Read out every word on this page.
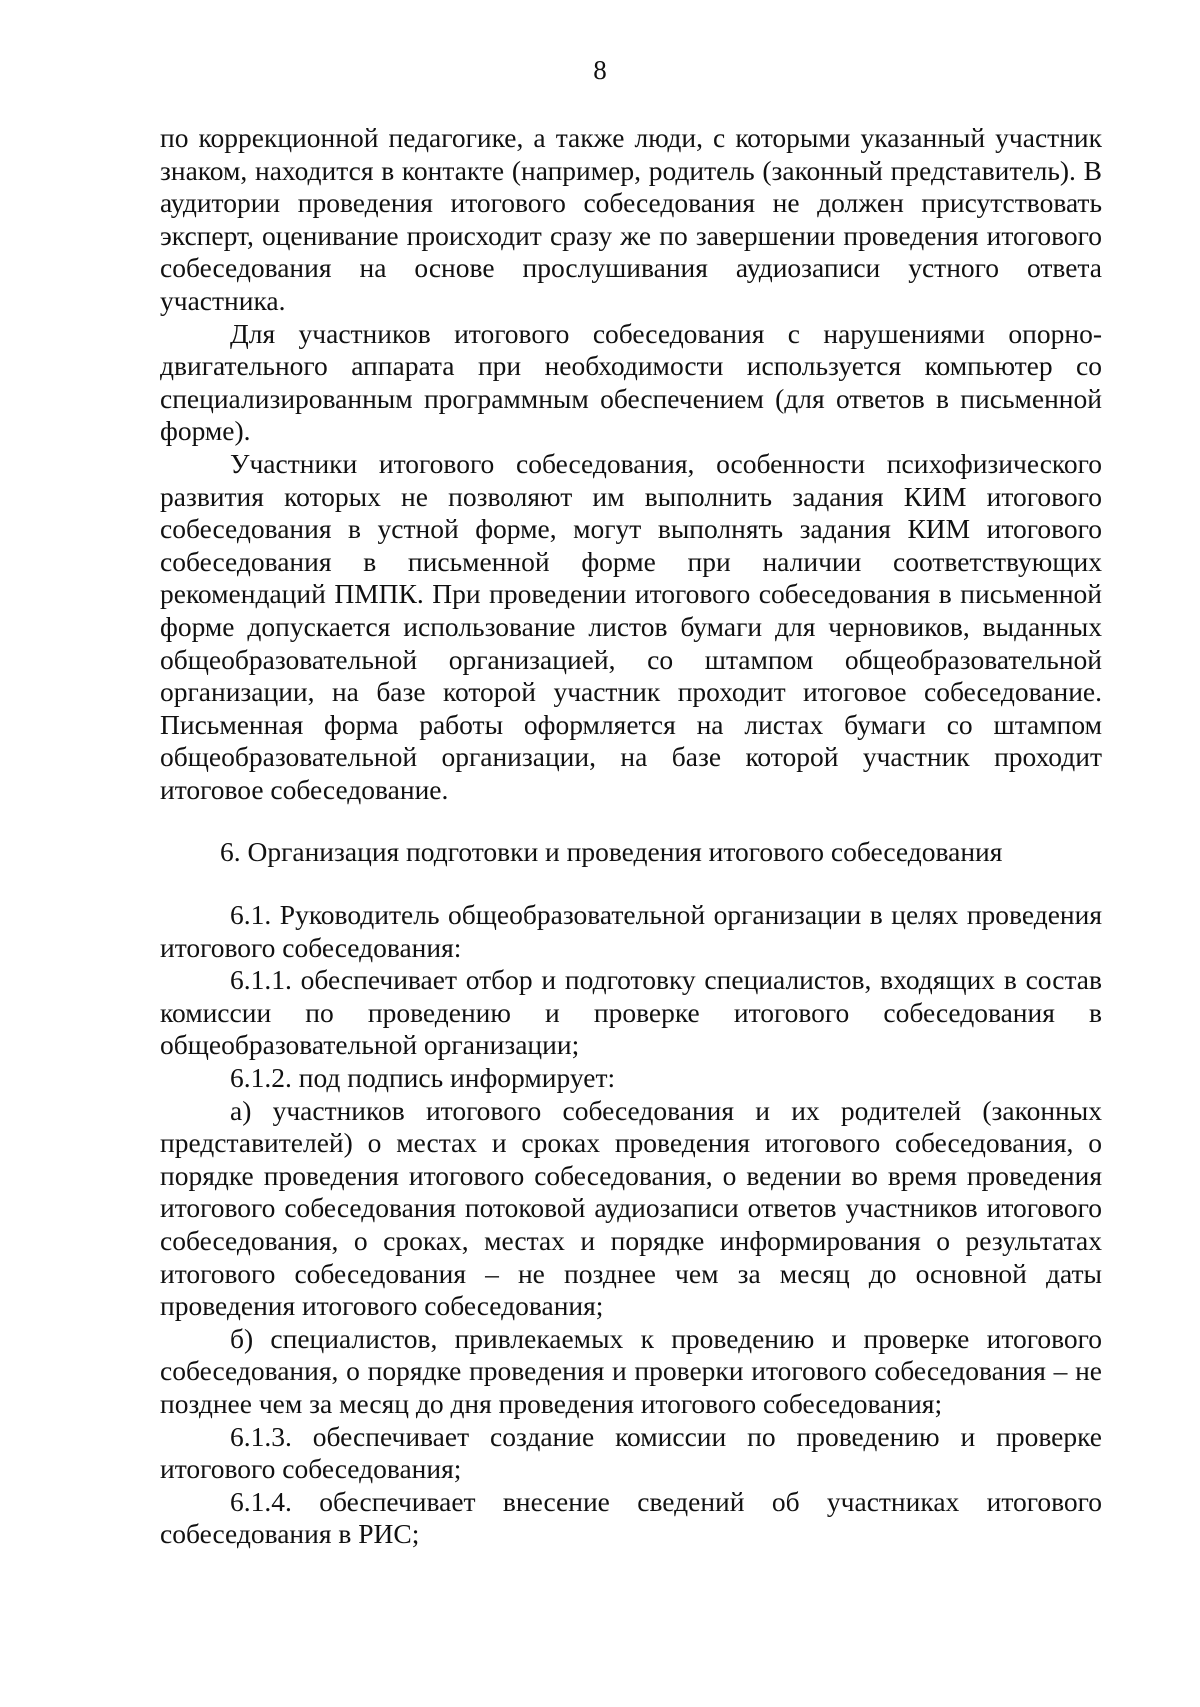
8

по коррекционной педагогике, а также люди, с которыми указанный участник знаком, находится в контакте (например, родитель (законный представитель). В аудитории проведения итогового собеседования не должен присутствовать эксперт, оценивание происходит сразу же по завершении проведения итогового собеседования на основе прослушивания аудиозаписи устного ответа участника.

Для участников итогового собеседования с нарушениями опорно-двигательного аппарата при необходимости используется компьютер со специализированным программным обеспечением (для ответов в письменной форме).

Участники итогового собеседования, особенности психофизического развития которых не позволяют им выполнить задания КИМ итогового собеседования в устной форме, могут выполнять задания КИМ итогового собеседования в письменной форме при наличии соответствующих рекомендаций ПМПК. При проведении итогового собеседования в письменной форме допускается использование листов бумаги для черновиков, выданных общеобразовательной организацией, со штампом общеобразовательной организации, на базе которой участник проходит итоговое собеседование. Письменная форма работы оформляется на листах бумаги со штампом общеобразовательной организации, на базе которой участник проходит итоговое собеседование.

6. Организация подготовки и проведения итогового собеседования

6.1. Руководитель общеобразовательной организации в целях проведения итогового собеседования:

6.1.1. обеспечивает отбор и подготовку специалистов, входящих в состав комиссии по проведению и проверке итогового собеседования в общеобразовательной организации;

6.1.2. под подпись информирует:

а) участников итогового собеседования и их родителей (законных представителей) о местах и сроках проведения итогового собеседования, о порядке проведения итогового собеседования, о ведении во время проведения итогового собеседования потоковой аудиозаписи ответов участников итогового собеседования, о сроках, местах и порядке информирования о результатах итогового собеседования – не позднее чем за месяц до основной даты проведения итогового собеседования;

б) специалистов, привлекаемых к проведению и проверке итогового собеседования, о порядке проведения и проверки итогового собеседования – не позднее чем за месяц до дня проведения итогового собеседования;

6.1.3. обеспечивает создание комиссии по проведению и проверке итогового собеседования;

6.1.4. обеспечивает внесение сведений об участниках итогового собеседования в РИС;
